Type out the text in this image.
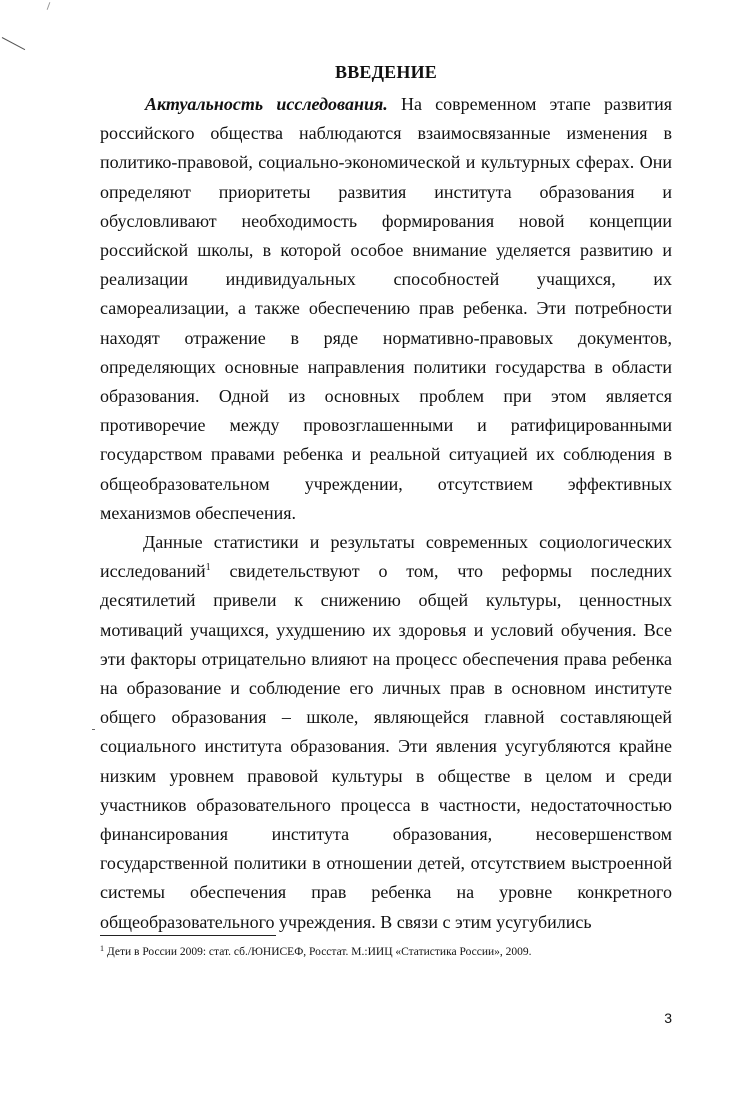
ВВЕДЕНИЕ

Актуальность исследования. На современном этапе развития российского общества наблюдаются взаимосвязанные изменения в политико-правовой, социально-экономической и культурных сферах. Они определяют приоритеты развития института образования и обусловливают необходимость формирования новой концепции российской школы, в которой особое внимание уделяется развитию и реализации индивидуальных способностей учащихся, их самореализации, а также обеспечению прав ребенка. Эти потребности находят отражение в ряде нормативно-правовых документов, определяющих основные направления политики государства в области образования. Одной из основных проблем при этом является противоречие между провозглашенными и ратифицированными государством правами ребенка и реальной ситуацией их соблюдения в общеобразовательном учреждении, отсутствием эффективных механизмов обеспечения.

Данные статистики и результаты современных социологических исследований$^1$ свидетельствуют о том, что реформы последних десятилетий привели к снижению общей культуры, ценностных мотиваций учащихся, ухудшению их здоровья и условий обучения. Все эти факторы отрицательно влияют на процесс обеспечения права ребенка на образование и соблюдение его личных прав в основном институте общего образования – школе, являющейся главной составляющей социального института образования. Эти явления усугубляются крайне низким уровнем правовой культуры в обществе в целом и среди участников образовательного процесса в частности, недостаточностью финансирования института образования, несовершенством государственной политики в отношении детей, отсутствием выстроенной системы обеспечения прав ребенка на уровне конкретного общеобразовательного учреждения. В связи с этим усугубились

$^1$ Дети в России 2009: стат. сб./ЮНИСЕФ, Росстат. М.:ИИЦ «Статистика России», 2009.

3
